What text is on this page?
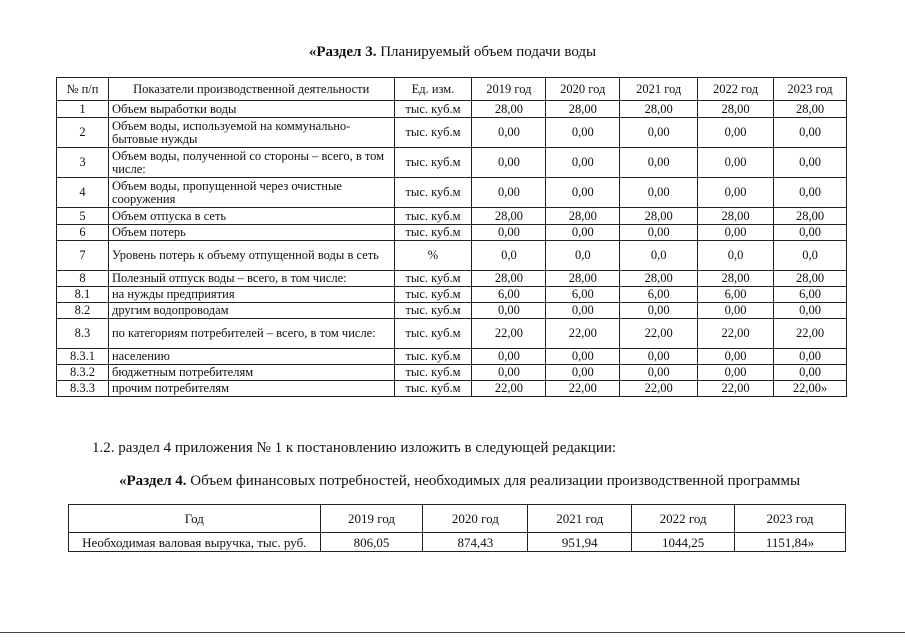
«Раздел 3. Планируемый объем подачи воды
№ п/п	Показатели производственной деятельности	Ед. изм.	2019 год	2020 год	2021 год	2022 год	2023 год
1	Объем выработки воды	тыс. куб.м	28,00	28,00	28,00	28,00	28,00
2	Объем воды, используемой на коммунально-бытовые нужды	тыс. куб.м	0,00	0,00	0,00	0,00	0,00
3	Объем воды, полученной со стороны – всего, в том числе:	тыс. куб.м	0,00	0,00	0,00	0,00	0,00
4	Объем воды, пропущенной через очистные сооружения	тыс. куб.м	0,00	0,00	0,00	0,00	0,00
5	Объем отпуска в сеть	тыс. куб.м	28,00	28,00	28,00	28,00	28,00
6	Объем потерь	тыс. куб.м	0,00	0,00	0,00	0,00	0,00
7	Уровень потерь к объему отпущенной воды в сеть	%	0,0	0,0	0,0	0,0	0,0
8	Полезный отпуск воды – всего, в том числе:	тыс. куб.м	28,00	28,00	28,00	28,00	28,00
8.1	на нужды предприятия	тыс. куб.м	6,00	6,00	6,00	6,00	6,00
8.2	другим водопроводам	тыс. куб.м	0,00	0,00	0,00	0,00	0,00
8.3	по категориям потребителей – всего, в том числе:	тыс. куб.м	22,00	22,00	22,00	22,00	22,00
8.3.1	населению	тыс. куб.м	0,00	0,00	0,00	0,00	0,00
8.3.2	бюджетным потребителям	тыс. куб.м	0,00	0,00	0,00	0,00	0,00
8.3.3	прочим потребителям	тыс. куб.м	22,00	22,00	22,00	22,00	22,00»
1.2. раздел 4 приложения № 1 к постановлению изложить в следующей редакции:
«Раздел 4. Объем финансовых потребностей, необходимых для реализации производственной программы
Год	2019 год	2020 год	2021 год	2022 год	2023 год
Необходимая валовая выручка, тыс. руб.	806,05	874,43	951,94	1044,25	1151,84»
